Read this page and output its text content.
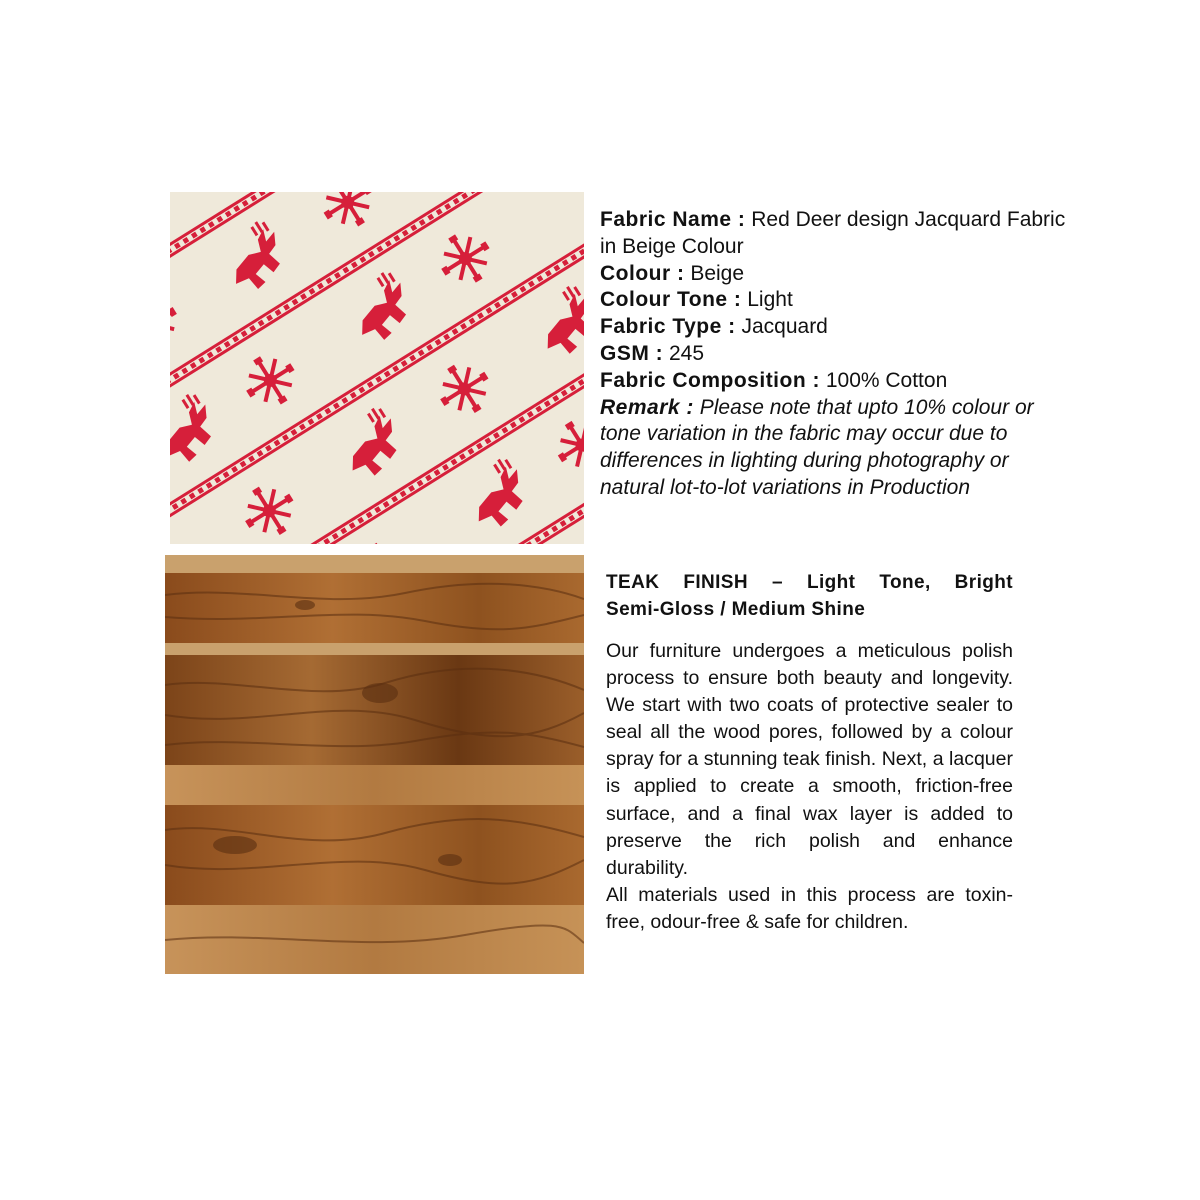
Fabric Name : Red Deer design Jacquard Fabric in Beige Colour
Colour : Beige
Colour Tone : Light
Fabric Type : Jacquard
GSM : 245
Fabric Composition : 100% Cotton
Remark : Please note that upto 10% colour or tone variation in the fabric may occur due to differences in lighting during photography or natural lot-to-lot variations in Production
TEAK FINISH – Light Tone, Bright
Semi-Gloss / Medium Shine

Our furniture undergoes a meticulous polish process to ensure both beauty and longevity. We start with two coats of protective sealer to seal all the wood pores, followed by a colour spray for a stunning teak finish. Next, a lacquer is applied to create a smooth, friction-free surface, and a final wax layer is added to preserve the rich polish and enhance durability.

All materials used in this process are toxin-free, odour-free & safe for children.
